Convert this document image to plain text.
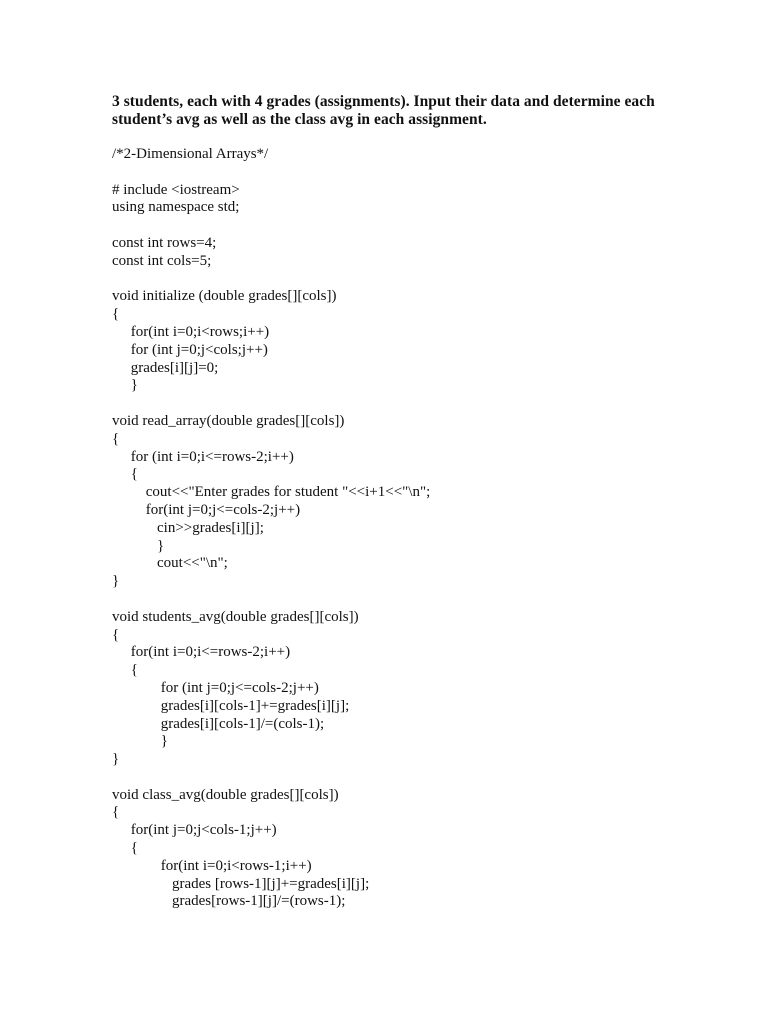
3 students, each with 4 grades (assignments). Input their data and determine each
student’s avg as well as the class avg in each assignment.
/*2-Dimensional Arrays*/
# include <iostream>
using namespace std;
const int rows=4;
const int cols=5;
void initialize (double grades[][cols])
{
for(int i=0;i<rows;i++)
for (int j=0;j<cols;j++)
grades[i][j]=0;
}
void read_array(double grades[][cols])
{
for (int i=0;i<=rows-2;i++)
{
cout<<"Enter grades for student "<<i+1<<"\n";
for(int j=0;j<=cols-2;j++)
cin>>grades[i][j];
}
cout<<"\n";
}
void students_avg(double grades[][cols])
{
for(int i=0;i<=rows-2;i++)
{
for (int j=0;j<=cols-2;j++)
grades[i][cols-1]+=grades[i][j];
grades[i][cols-1]/=(cols-1);
}
}
void class_avg(double grades[][cols])
{
for(int j=0;j<cols-1;j++)
{
for(int i=0;i<rows-1;i++)
grades [rows-1][j]+=grades[i][j];
grades[rows-1][j]/=(rows-1);
